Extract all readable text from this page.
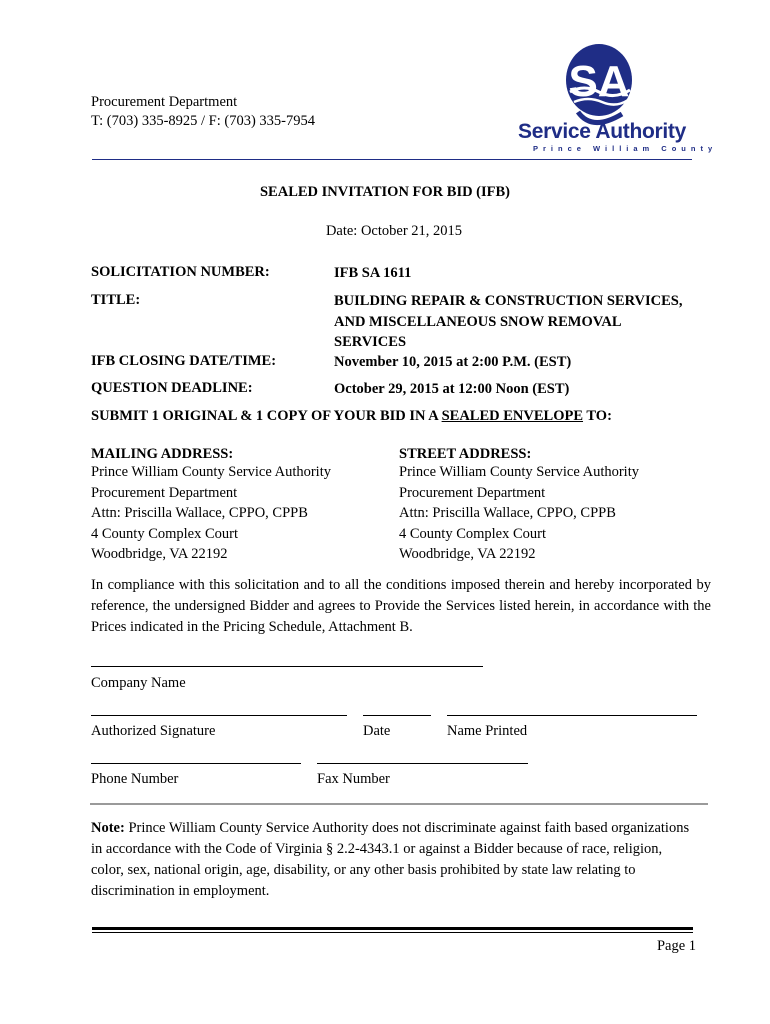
Procurement Department
T: (703) 335-8925 / F: (703) 335-7954
SA
Service Authority
Prince William County
SEALED INVITATION FOR BID (IFB)
Date: October 21, 2015
SOLICITATION NUMBER:	IFB SA 1611
TITLE:	BUILDING REPAIR & CONSTRUCTION SERVICES,
AND MISCELLANEOUS SNOW REMOVAL
SERVICES
IFB CLOSING DATE/TIME:	November 10, 2015 at 2:00 P.M. (EST)
QUESTION DEADLINE:	October 29, 2015 at 12:00 Noon (EST)
SUBMIT 1 ORIGINAL & 1 COPY OF YOUR BID IN A SEALED ENVELOPE TO:
MAILING ADDRESS:
Prince William County Service Authority
Procurement Department
Attn: Priscilla Wallace, CPPO, CPPB
4 County Complex Court
Woodbridge, VA 22192
STREET ADDRESS:
Prince William County Service Authority
Procurement Department
Attn: Priscilla Wallace, CPPO, CPPB
4 County Complex Court
Woodbridge, VA 22192
In compliance with this solicitation and to all the conditions imposed therein and hereby incorporated by reference, the undersigned Bidder and agrees to Provide the Services listed herein, in accordance with the Prices indicated in the Pricing Schedule, Attachment B.
Company Name
Authorized Signature	Date	Name Printed
Phone Number	Fax Number
Note: Prince William County Service Authority does not discriminate against faith based organizations in accordance with the Code of Virginia § 2.2-4343.1 or against a Bidder because of race, religion, color, sex, national origin, age, disability, or any other basis prohibited by state law relating to discrimination in employment.
Page 1
